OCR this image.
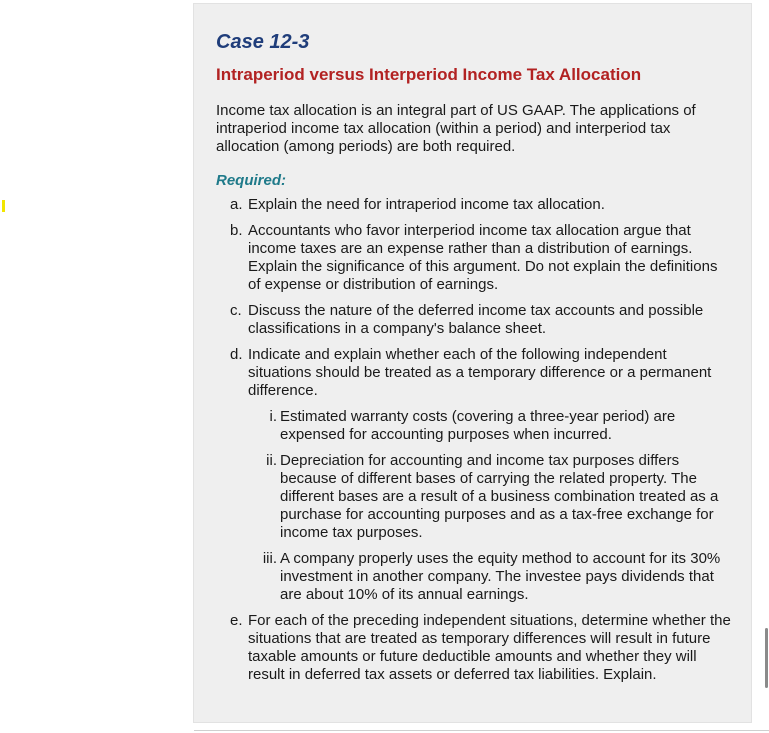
Case 12-3
Intraperiod versus Interperiod Income Tax Allocation

Income tax allocation is an integral part of US GAAP. The applications of intraperiod income tax allocation (within a period) and interperiod tax allocation (among periods) are both required.

Required:

a. Explain the need for intraperiod income tax allocation.
b. Accountants who favor interperiod income tax allocation argue that income taxes are an expense rather than a distribution of earnings. Explain the significance of this argument. Do not explain the definitions of expense or distribution of earnings.
c. Discuss the nature of the deferred income tax accounts and possible classifications in a company's balance sheet.
d. Indicate and explain whether each of the following independent situations should be treated as a temporary difference or a permanent difference.
i. Estimated warranty costs (covering a three-year period) are expensed for accounting purposes when incurred.
ii. Depreciation for accounting and income tax purposes differs because of different bases of carrying the related property. The different bases are a result of a business combination treated as a purchase for accounting purposes and as a tax-free exchange for income tax purposes.
iii. A company properly uses the equity method to account for its 30% investment in another company. The investee pays dividends that are about 10% of its annual earnings.
e. For each of the preceding independent situations, determine whether the situations that are treated as temporary differences will result in future taxable amounts or future deductible amounts and whether they will result in deferred tax assets or deferred tax liabilities. Explain.
